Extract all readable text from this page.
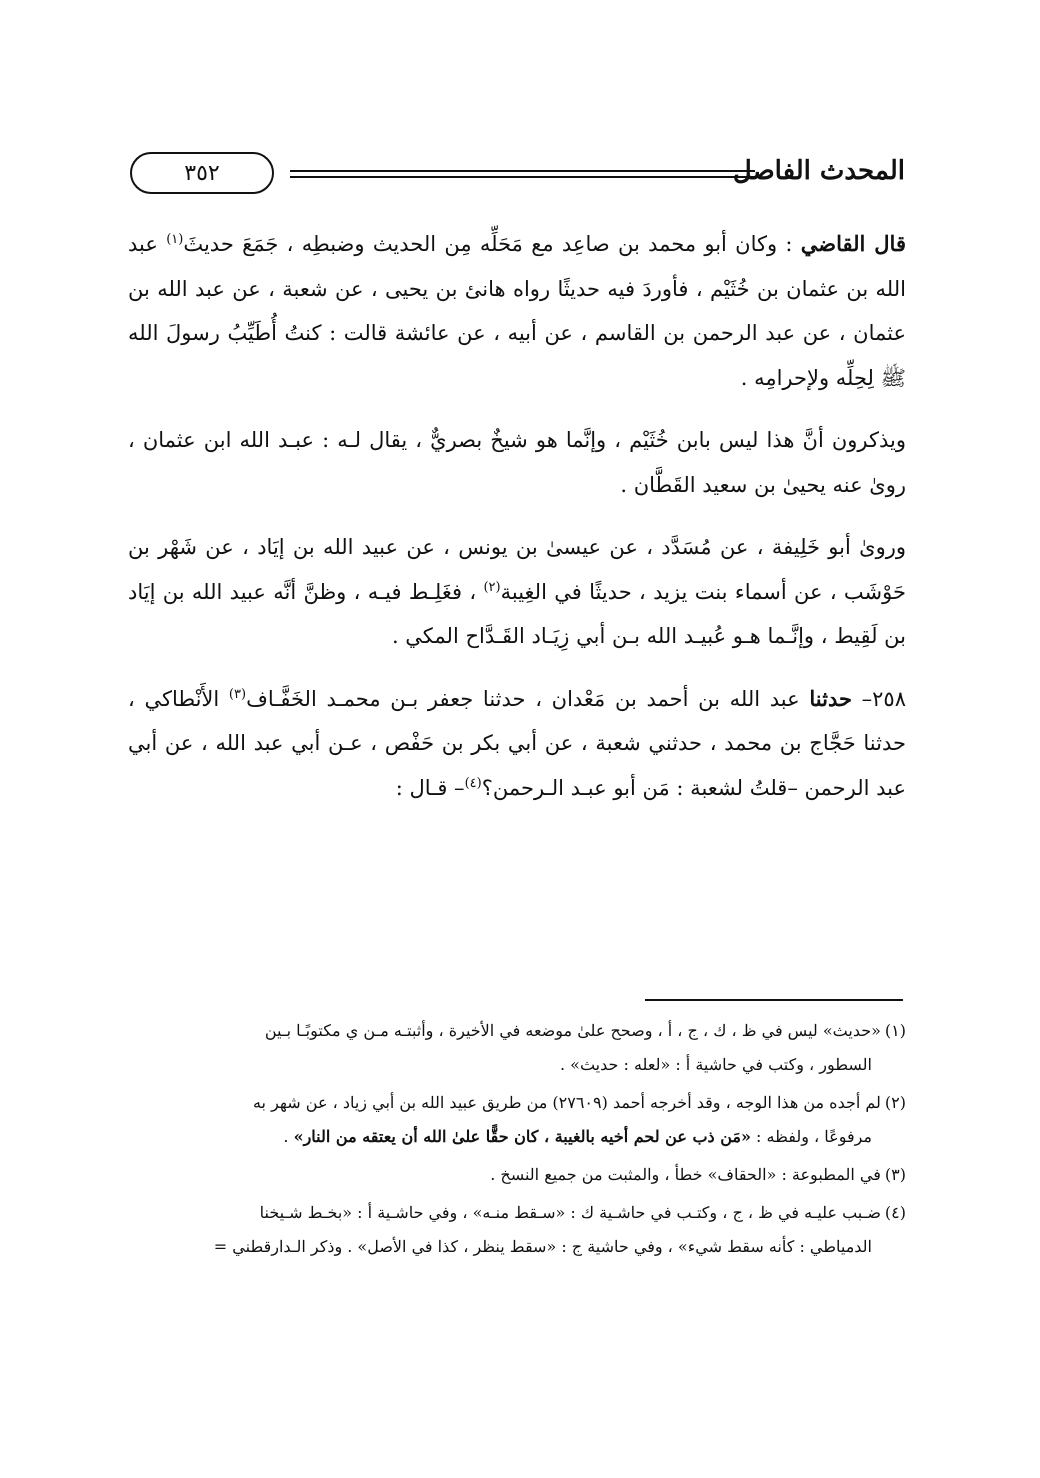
٣٥٢	المحدث الفاصل

قال القاضي : وكان أبو محمد بن صاعِد مع مَحَلِّه مِن الحديث وضبطِه ، جَمَعَ حديثَ$^{(١)}$ عبد الله بن عثمان بن خُثَيْم ، فأوردَ فيه حديثًا رواه هانئ بن يحيى ، عن شعبة ، عن عبد الله بن عثمان ، عن عبد الرحمن بن القاسم ، عن أبيه ، عن عائشة قالت : كنتُ أُطَيِّبُ رسولَ الله ﷺ لِحِلِّه ولإحرامِه .

ويذكرون أنَّ هذا ليس بابن خُثَيْم ، وإنَّما هو شيخٌ بصريٌّ ، يقال لـه : عبـد الله ابن عثمان ، روىٰ عنه يحيىٰ بن سعيد القَطَّان .

وروىٰ أبو خَلِيفة ، عن مُسَدَّد ، عن عيسىٰ بن يونس ، عن عبيد الله بن إيَاد ، عن شَهْر بن حَوْشَب ، عن أسماء بنت يزيد ، حديثًا في الغِيبة$^{(٢)}$ ، فغَلِـط فيـه ، وظنَّ أنَّه عبيد الله بن إيَاد بن لَقِيط ، وإنَّـما هـو عُبيـد الله بـن أبي زِيَـاد القَـدَّاح المكي .

٢٥٨– حدثنا عبد الله بن أحمد بن مَعْدان ، حدثنا جعفر بـن محمـد الخَفَّـاف$^{(٣)}$ الأَنْطاكي ، حدثنا حَجَّاج بن محمد ، حدثني شعبة ، عن أبي بكر بن حَفْص ، عـن أبي عبد الله ، عن أبي عبد الرحمن –قلتُ لشعبة : مَن أبو عبـد الـرحمن؟$^{(٤)}$– قـال :

(١)«حديث» ليس في ظ ، ك ، ج ، أ ، وصحح علىٰ موضعه في الأخيرة ، وأثبتـه مـن ي مكتوبًـا بـين
السطور ، وكتب في حاشية أ : «لعله : حديث» .
(٢)لم أجده من هذا الوجه ، وقد أخرجه أحمد (٢٧٦٠٩) من طريق عبيد الله بن أبي زياد ، عن شهر به
مرفوعًا ، ولفظه : «مَن ذب عن لحم أخيه بالغيبة ، كان حقًّا علىٰ الله أن يعتقه من النار» .
(٣)في المطبوعة : «الحقاف» خطأ ، والمثبت من جميع النسخ .
(٤)ضـبب عليـه في ظ ، ج ، وكتـب في حاشـية ك : «سـقط منـه» ، وفي حاشـية أ : «بخـط شـيخنا
الدمياطي : كأنه سقط شيء» ، وفي حاشية ج : «سقط ينظر ، كذا في الأصل» . وذكر الـدارقطني =
